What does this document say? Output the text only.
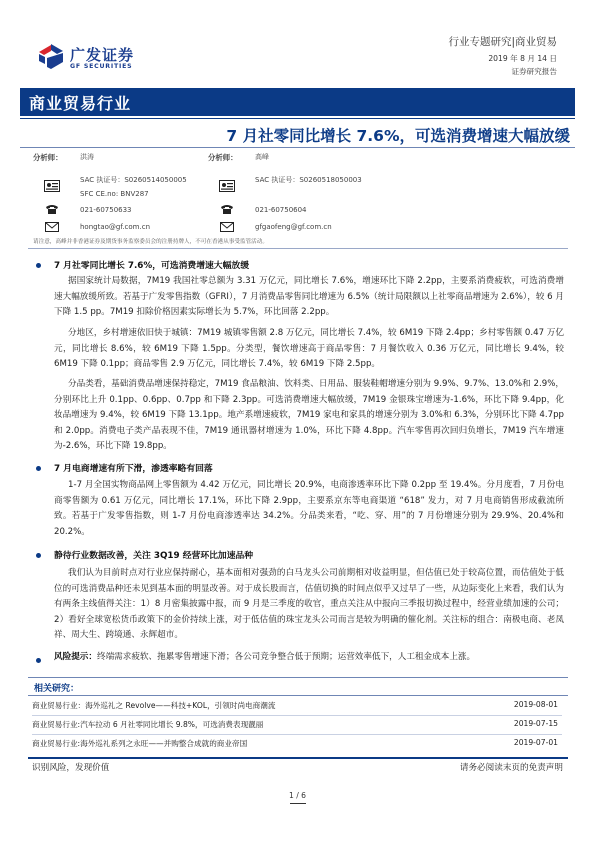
广发证券
GF SECURITIES
行业专题研究|商业贸易
2019 年 8 月 14 日
证券研究报告
商业贸易行业
7 月社零同比增长 7.6%，可选消费增速大幅放缓
分析师： 洪涛
SAC 执证号：S0260514050005
SFC CE.no: BNV287
021-60750633
hongtao@gf.com.cn
分析师： 高峰
SAC 执证号：S0260518050003
021-60750604
gfgaofeng@gf.com.cn
请注意，高峰并非香港证券及期货事务监察委员会的注册持牌人，不可在香港从事受监管活动。
7 月社零同比增长 7.6%，可选消费增速大幅放缓
据国家统计局数据，7M19 我国社零总额为 3.31 万亿元，同比增长 7.6%，增速环比下降 2.2pp，主要系消费疲软，可选消费增速大幅放缓所致。若基于广发零售指数（GFRI），7 月消费品零售同比增速为 6.5%（统计局限额以上社零商品增速为 2.6%），较 6 月下降 1.5 pp。7M19 扣除价格因素实际增长为 5.7%，环比回落 2.2pp。
分地区，乡村增速依旧快于城镇：7M19 城镇零售额 2.8 万亿元，同比增长 7.4%，较 6M19 下降 2.4pp；乡村零售额 0.47 万亿元，同比增长 8.6%，较 6M19 下降 1.5pp。分类型，餐饮增速高于商品零售：7 月餐饮收入 0.36 万亿元，同比增长 9.4%，较 6M19 下降 0.1pp；商品零售 2.9 万亿元，同比增长 7.4%，较 6M19 下降 2.5pp。
分品类看，基础消费品增速保持稳定，7M19 食品粮油、饮料类、日用品、服装鞋帽增速分别为 9.9%、9.7%、13.0%和 2.9%，分别环比上升 0.1pp、0.6pp、0.7pp 和下降 2.3pp。可选消费增速大幅放缓，7M19 金银珠宝增速为-1.6%，环比下降 9.4pp，化妆品增速为 9.4%，较 6M19 下降 13.1pp。地产系增速疲软，7M19 家电和家具的增速分别为 3.0%和 6.3%，分别环比下降 4.7pp 和 2.0pp。消费电子类产品表现不佳，7M19 通讯器材增速为 1.0%，环比下降 4.8pp。汽车零售再次回归负增长，7M19 汽车增速为-2.6%，环比下降 19.8pp。
7 月电商增速有所下滑，渗透率略有回落
1-7 月全国实物商品网上零售额为 4.42 万亿元，同比增长 20.9%，电商渗透率环比下降 0.2pp 至 19.4%。分月度看，7 月份电商零售额为 0.61 万亿元，同比增长 17.1%，环比下降 2.9pp，主要系京东等电商渠道 “618” 发力，对 7 月电商销售形成截流所致。若基于广发零售指数，则 1-7 月份电商渗透率达 34.2%。分品类来看，“吃、穿、用”的 7 月份增速分别为 29.9%、20.4%和 20.2%。
静待行业数据改善，关注 3Q19 经营环比加速品种
我们认为目前时点对行业应保持耐心，基本面相对强劲的白马龙头公司前期相对收益明显，但估值已处于较高位置，而估值处于低位的可选消费品种还未见到基本面的明显改善。对于成长股而言，估值切换的时间点似乎又过早了一些，从边际变化上来看，我们认为有两条主线值得关注：1）8 月密集披露中报，而 9 月是三季度的收官，重点关注从中报向三季报切换过程中，经营业绩加速的公司；2）看好全球宽松货币政策下的金价持续上涨，对于低估值的珠宝龙头公司而言是较为明确的催化剂。关注标的组合：南极电商、老凤祥、周大生、跨境通、永辉超市。
风险提示：终端需求疲软、拖累零售增速下滑；各公司竞争整合低于预期；运营效率低下，人工租金成本上涨。
相关研究：
商业贸易行业：海外巡礼之 Revolve——科技+KOL，引领时尚电商潮流	2019-08-01
商业贸易行业:汽车拉动 6 月社零同比增长 9.8%，可选消费表现靓丽	2019-07-15
商业贸易行业:海外巡礼系列之永旺——并购整合成就的商业帝国	2019-07-01
识别风险，发现价值	请务必阅读末页的免责声明
1 / 6
